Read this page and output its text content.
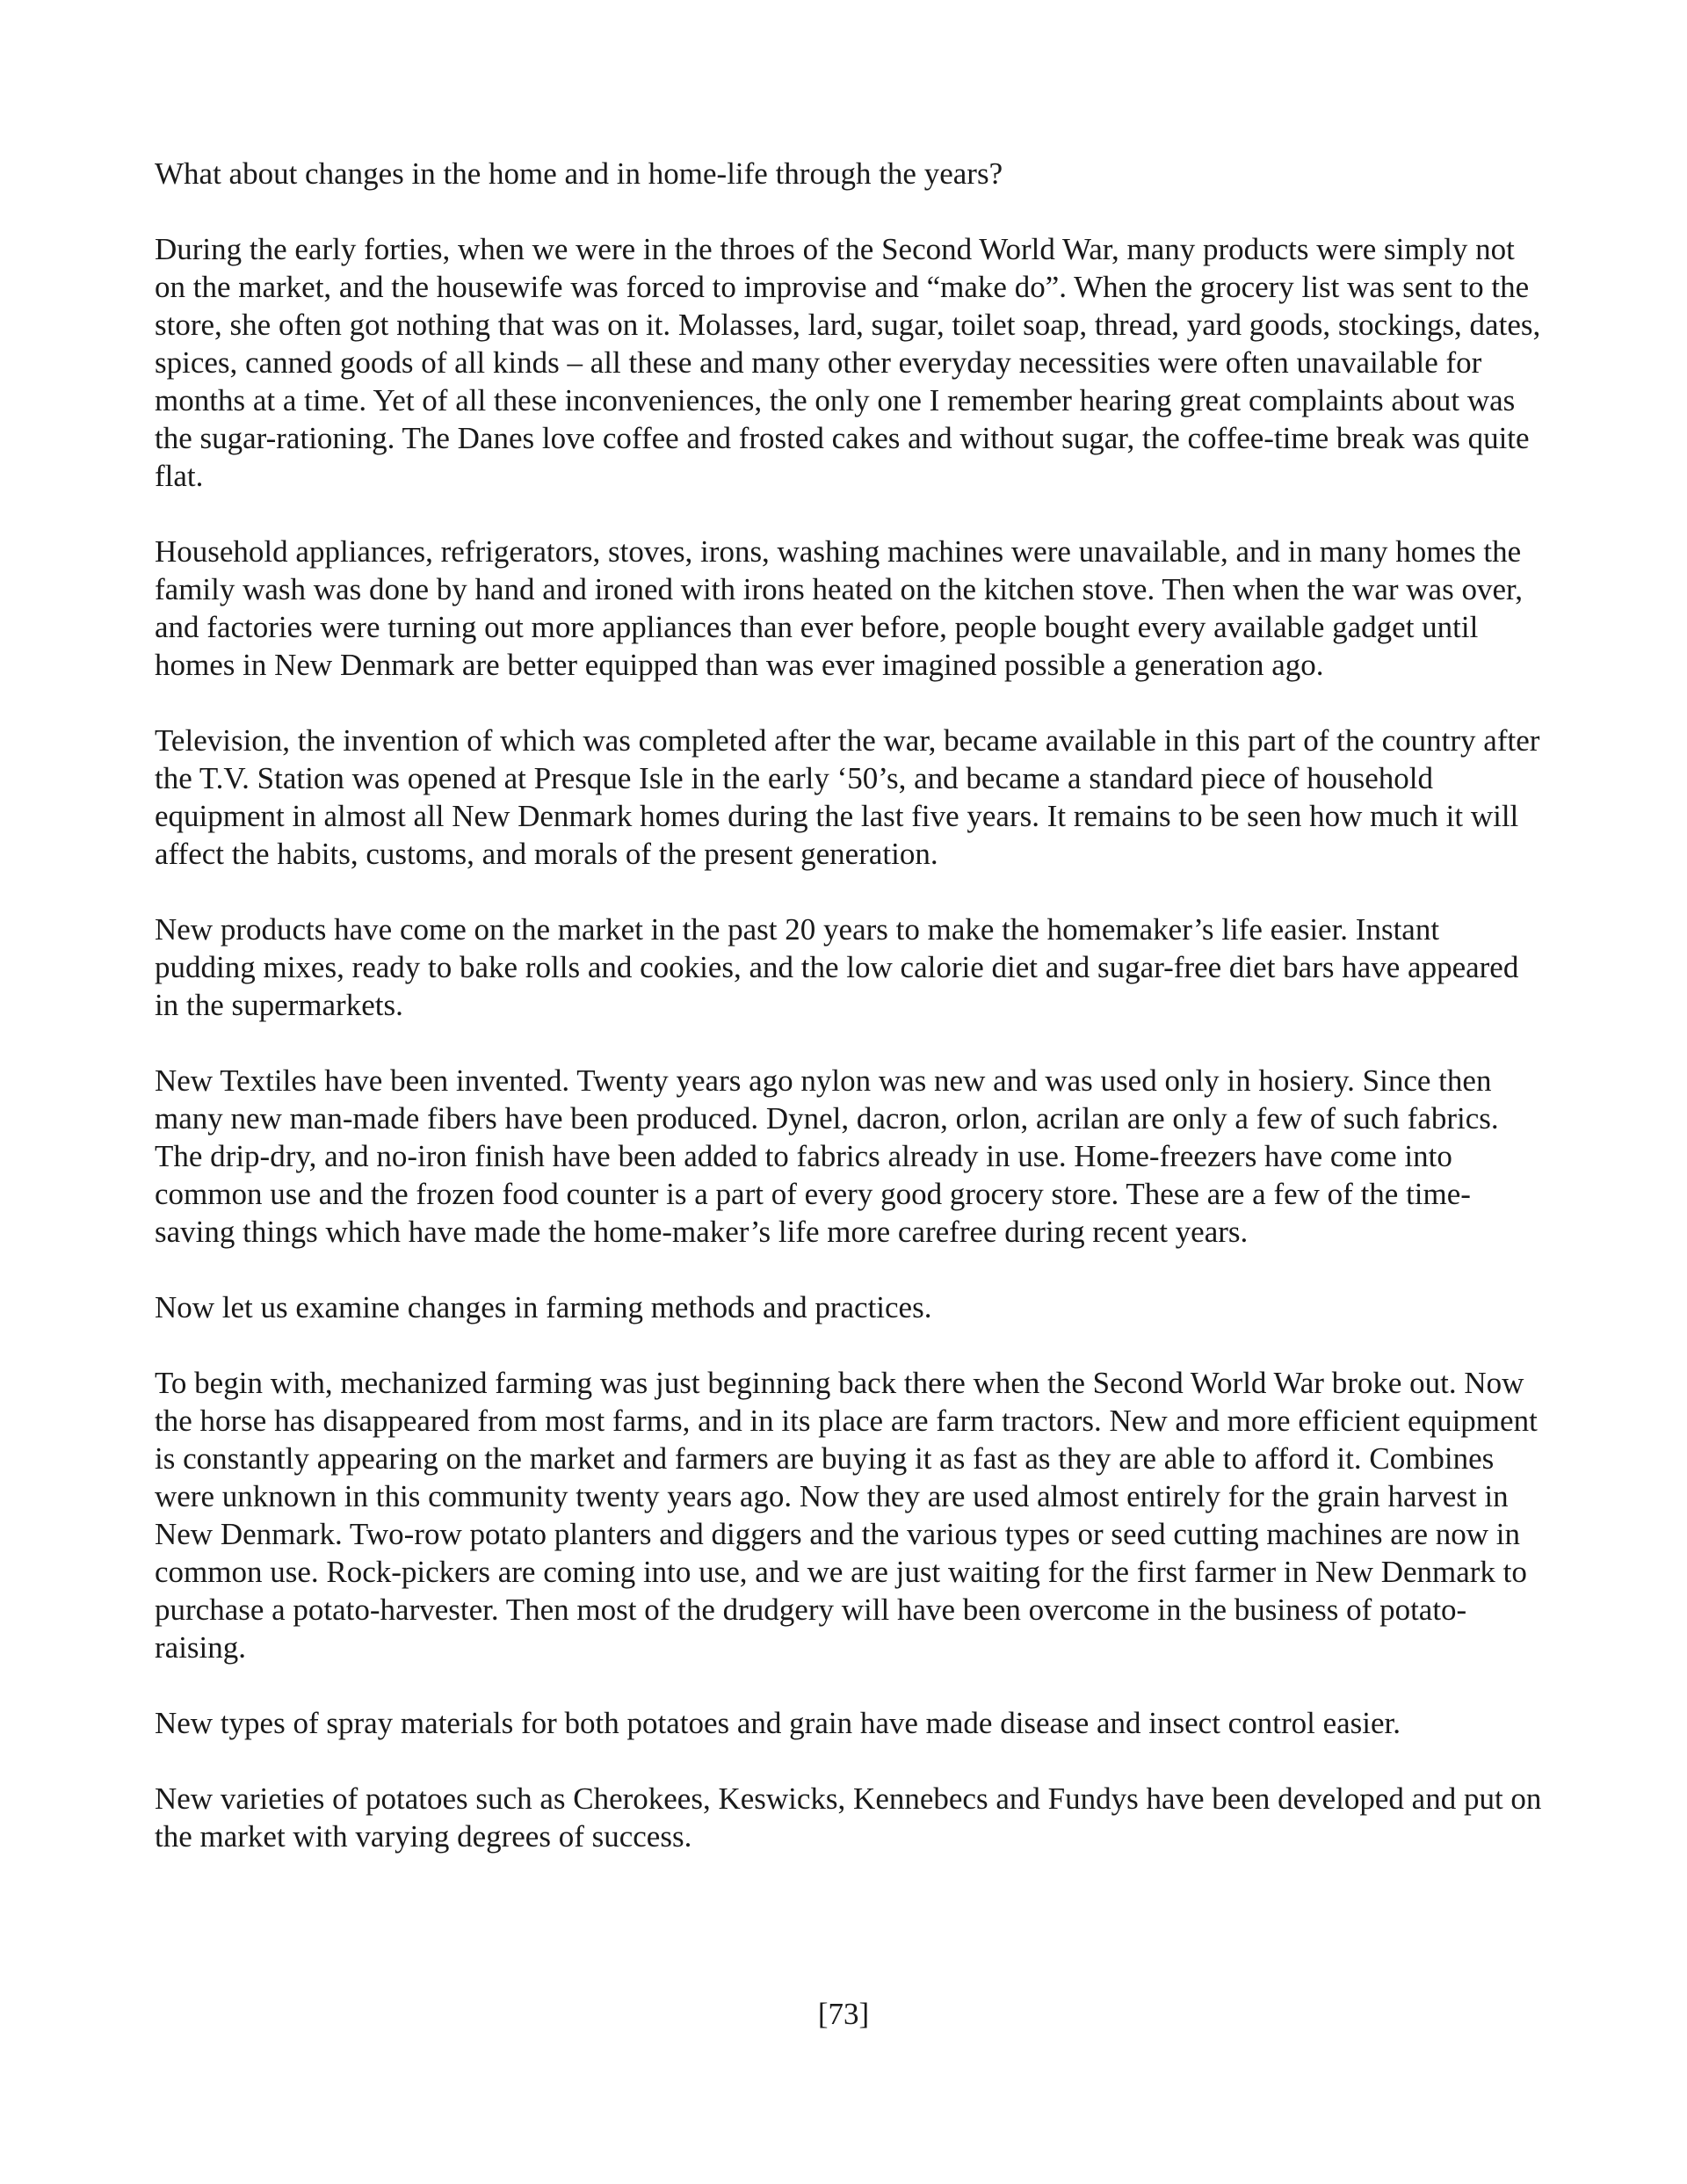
What about changes in the home and in home-life through the years?

During the early forties, when we were in the throes of the Second World War, many products were simply not on the market, and the housewife was forced to improvise and “make do”. When the grocery list was sent to the store, she often got nothing that was on it. Molasses, lard, sugar, toilet soap, thread, yard goods, stockings, dates, spices, canned goods of all kinds – all these and many other everyday necessities were often unavailable for months at a time. Yet of all these inconveniences, the only one I remember hearing great complaints about was the sugar-rationing. The Danes love coffee and frosted cakes and without sugar, the coffee-time break was quite flat.

Household appliances, refrigerators, stoves, irons, washing machines were unavailable, and in many homes the family wash was done by hand and ironed with irons heated on the kitchen stove. Then when the war was over, and factories were turning out more appliances than ever before, people bought every available gadget until homes in New Denmark are better equipped than was ever imagined possible a generation ago.

Television, the invention of which was completed after the war, became available in this part of the country after the T.V. Station was opened at Presque Isle in the early ‘50’s, and became a standard piece of household equipment in almost all New Denmark homes during the last five years. It remains to be seen how much it will affect the habits, customs, and morals of the present generation.

New products have come on the market in the past 20 years to make the homemaker’s life easier. Instant pudding mixes, ready to bake rolls and cookies, and the low calorie diet and sugar-free diet bars have appeared in the supermarkets.

New Textiles have been invented. Twenty years ago nylon was new and was used only in hosiery. Since then many new man-made fibers have been produced. Dynel, dacron, orlon, acrilan are only a few of such fabrics. The drip-dry, and no-iron finish have been added to fabrics already in use. Home-freezers have come into common use and the frozen food counter is a part of every good grocery store. These are a few of the time-saving things which have made the home-maker’s life more carefree during recent years.

Now let us examine changes in farming methods and practices.

To begin with, mechanized farming was just beginning back there when the Second World War broke out. Now the horse has disappeared from most farms, and in its place are farm tractors. New and more efficient equipment is constantly appearing on the market and farmers are buying it as fast as they are able to afford it. Combines were unknown in this community twenty years ago. Now they are used almost entirely for the grain harvest in New Denmark. Two-row potato planters and diggers and the various types or seed cutting machines are now in common use. Rock-pickers are coming into use, and we are just waiting for the first farmer in New Denmark to purchase a potato-harvester. Then most of the drudgery will have been overcome in the business of potato-raising.

New types of spray materials for both potatoes and grain have made disease and insect control easier.

New varieties of potatoes such as Cherokees, Keswicks, Kennebecs and Fundys have been developed and put on the market with varying degrees of success.

[73]
